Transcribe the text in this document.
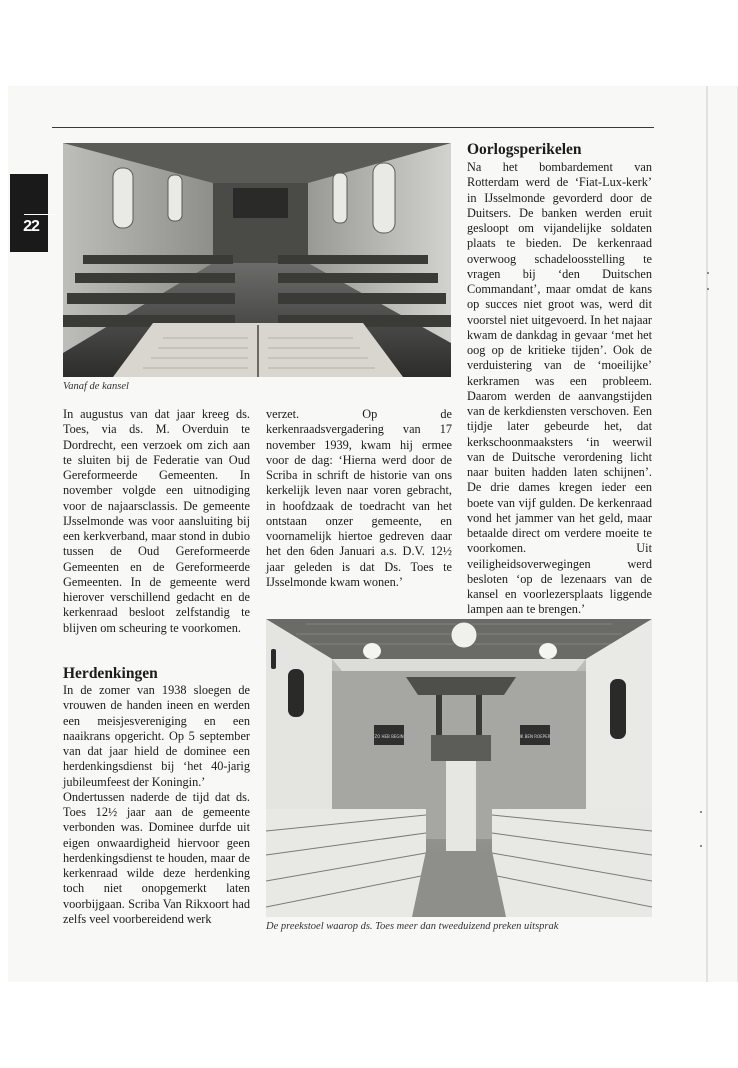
22
Vanaf de kansel

In augustus van dat jaar kreeg ds. Toes, via ds. M. Overduin te Dordrecht, een verzoek om zich aan te sluiten bij de Federatie van Oud Gereformeerde Gemeenten. In november volgde een uitnodiging voor de najaarsclassis. De gemeente IJsselmonde was voor aansluiting bij een kerkverband, maar stond in dubio tussen de Oud Gereformeerde Gemeenten en de Gereformeerde Gemeenten. In de gemeente werd hierover verschillend gedacht en de kerkenraad besloot zelfstandig te blijven om scheuring te voorkomen.

Herdenkingen

In de zomer van 1938 sloegen de vrouwen de handen ineen en werden een meisjesvereniging en een naaikrans opgericht. Op 5 september van dat jaar hield de dominee een herdenkingsdienst bij ‘het 40-jarig jubileumfeest der Koningin.’

Ondertussen naderde de tijd dat ds. Toes 12½ jaar aan de gemeente verbonden was. Dominee durfde uit eigen onwaardigheid hiervoor geen herdenkingsdienst te houden, maar de kerkenraad wilde deze herdenking toch niet onopgemerkt laten voorbijgaan. Scriba Van Rikxoort had zelfs veel voorbereidend werk

verzet. Op de kerkenraadsvergadering van 17 november 1939, kwam hij ermee voor de dag: ‘Hierna werd door de Scriba in schrift de historie van ons kerkelijk leven naar voren gebracht, in hoofdzaak de toedracht van het ontstaan onzer gemeente, en voornamelijk hiertoe gedreven daar het den 6den Januari a.s. D.V. 12½ jaar geleden is dat Ds. Toes te IJsselmonde kwam wonen.’

Oorlogsperikelen

Na het bombardement van Rotterdam werd de ‘Fiat-Lux-kerk’ in IJsselmonde gevorderd door de Duitsers. De banken werden eruit gesloopt om vijandelijke soldaten plaats te bieden. De kerkenraad overwoog schadeloosstelling te vragen bij ‘den Duitschen Commandant’, maar omdat de kans op succes niet groot was, werd dit voorstel niet uitgevoerd. In het najaar kwam de dankdag in gevaar ‘met het oog op de kritieke tijden’. Ook de verduistering van de ‘moeilijke’ kerkramen was een probleem. Daarom werden de aanvangstijden van de kerkdiensten verschoven. Een tijdje later gebeurde het, dat kerkschoonmaaksters ‘in weerwil van de Duitsche verordening licht naar buiten hadden laten schijnen’. De drie dames kregen ieder een boete van vijf gulden. De kerkenraad vond het jammer van het geld, maar betaalde direct om verdere moeite te voorkomen. Uit veiligheidsoverwegingen werd besloten ‘op de lezenaars van de kansel en voorlezersplaats liggende lampen aan te brengen.’

ZO HEB BEGIN	IK BEN ROEPER
De preekstoel waarop ds. Toes meer dan tweeduizend preken uitsprak
